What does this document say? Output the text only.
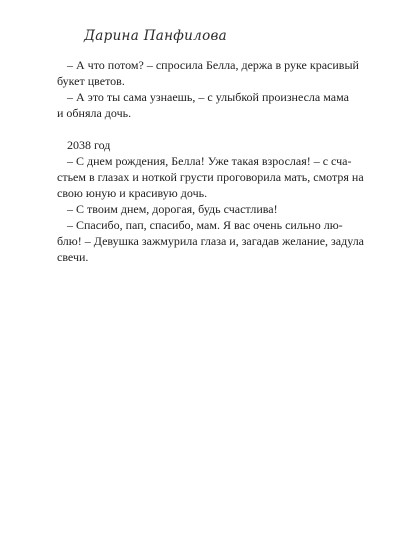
Дарина Панфилова
– А что потом? – спросила Белла, держа в руке красивый
букет цветов.
– А это ты сама узнаешь, – с улыбкой произнесла мама
и обняла дочь.
2038 год
– С днем рождения, Белла! Уже такая взрослая! – с сча-
стьем в глазах и ноткой грусти проговорила мать, смотря на
свою юную и красивую дочь.
– С твоим днем, дорогая, будь счастлива!
– Спасибо, пап, спасибо, мам. Я вас очень сильно лю-
блю! – Девушка зажмурила глаза и, загадав желание, задула
свечи.
